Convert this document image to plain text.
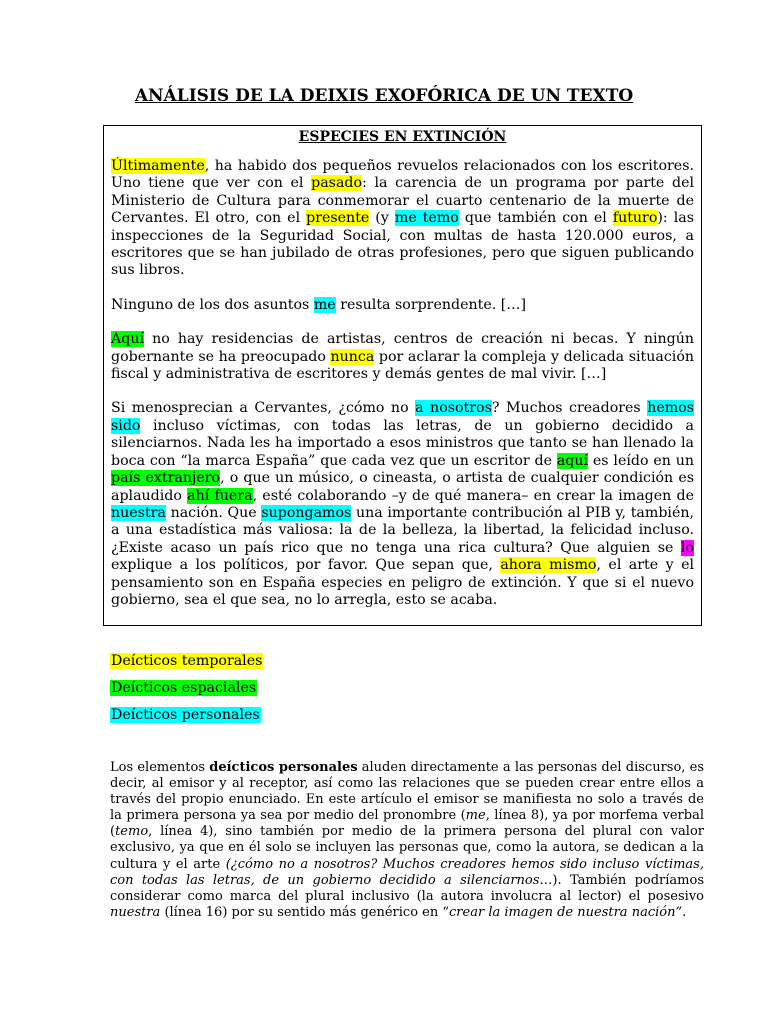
ANÁLISIS DE LA DEIXIS EXOFÓRICA DE UN TEXTO
ESPECIES EN EXTINCIÓN

Últimamente, ha habido dos pequeños revuelos relacionados con los escritores. Uno tiene que ver con el pasado: la carencia de un programa por parte del Ministerio de Cultura para conmemorar el cuarto centenario de la muerte de Cervantes. El otro, con el presente (y me temo que también con el futuro): las inspecciones de la Seguridad Social, con multas de hasta 120.000 euros, a escritores que se han jubilado de otras profesiones, pero que siguen publicando sus libros.

Ninguno de los dos asuntos me resulta sorprendente. […]

Aquí no hay residencias de artistas, centros de creación ni becas. Y ningún gobernante se ha preocupado nunca por aclarar la compleja y delicada situación fiscal y administrativa de escritores y demás gentes de mal vivir. […]

Si menosprecian a Cervantes, ¿cómo no a nosotros? Muchos creadores hemos sido incluso víctimas, con todas las letras, de un gobierno decidido a silenciarnos. Nada les ha importado a esos ministros que tanto se han llenado la boca con “la marca España” que cada vez que un escritor de aquí es leído en un país extranjero, o que un músico, o cineasta, o artista de cualquier condición es aplaudido ahí fuera, esté colaborando –y de qué manera– en crear la imagen de nuestra nación. Que supongamos una importante contribución al PIB y, también, a una estadística más valiosa: la de la belleza, la libertad, la felicidad incluso. ¿Existe acaso un país rico que no tenga una rica cultura? Que alguien se lo explique a los políticos, por favor. Que sepan que, ahora mismo, el arte y el pensamiento son en España especies en peligro de extinción. Y que si el nuevo gobierno, sea el que sea, no lo arregla, esto se acaba.

Deícticos temporales

Deícticos espaciales

Deícticos personales

Los elementos deícticos personales aluden directamente a las personas del discurso, es decir, al emisor y al receptor, así como las relaciones que se pueden crear entre ellos a través del propio enunciado. En este artículo el emisor se manifiesta no solo a través de la primera persona ya sea por medio del pronombre (me, línea 8), ya por morfema verbal (temo, línea 4), sino también por medio de la primera persona del plural con valor exclusivo, ya que en él solo se incluyen las personas que, como la autora, se dedican a la cultura y el arte (¿cómo no a nosotros? Muchos creadores hemos sido incluso víctimas, con todas las letras, de un gobierno decidido a silenciarnos…). También podríamos considerar como marca del plural inclusivo (la autora involucra al lector) el posesivo nuestra (línea 16) por su sentido más genérico en “crear la imagen de nuestra nación”.
